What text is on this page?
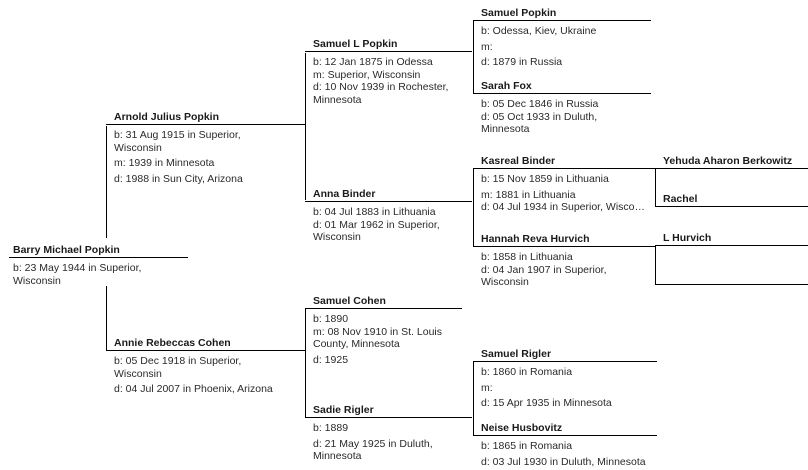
Barry Michael Popkin
b: 23 May 1944 in Superior,
Wisconsin
Arnold Julius Popkin
b: 31 Aug 1915 in Superior,
Wisconsin
m: 1939 in Minnesota
d: 1988 in Sun City, Arizona
Annie Rebeccas Cohen
b: 05 Dec 1918 in Superior,
Wisconsin
d: 04 Jul 2007 in Phoenix, Arizona
Samuel L Popkin
b: 12 Jan 1875 in Odessa
m: Superior, Wisconsin
d: 10 Nov 1939 in Rochester,
Minnesota
Anna Binder
b: 04 Jul 1883 in Lithuania
d: 01 Mar 1962 in Superior,
Wisconsin
Samuel Cohen
b: 1890
m: 08 Nov 1910 in St. Louis
County, Minnesota
d: 1925
Sadie Rigler
b: 1889
d: 21 May 1925 in Duluth,
Minnesota
Samuel Popkin
b: Odessa, Kiev, Ukraine
m:
d: 1879 in Russia
Sarah Fox
b: 05 Dec 1846 in Russia
d: 05 Oct 1933 in Duluth,
Minnesota
Kasreal Binder
b: 15 Nov 1859 in Lithuania
m: 1881 in Lithuania
d: 04 Jul 1934 in Superior, Wisco…
Hannah Reva Hurvich
b: 1858 in Lithuania
d: 04 Jan 1907 in Superior,
Wisconsin
Samuel Rigler
b: 1860 in Romania
m:
d: 15 Apr 1935 in Minnesota
Neise Husbovitz
b: 1865 in Romania
d: 03 Jul 1930 in Duluth, Minnesota
Yehuda Aharon Berkowitz
Rachel
L Hurvich
